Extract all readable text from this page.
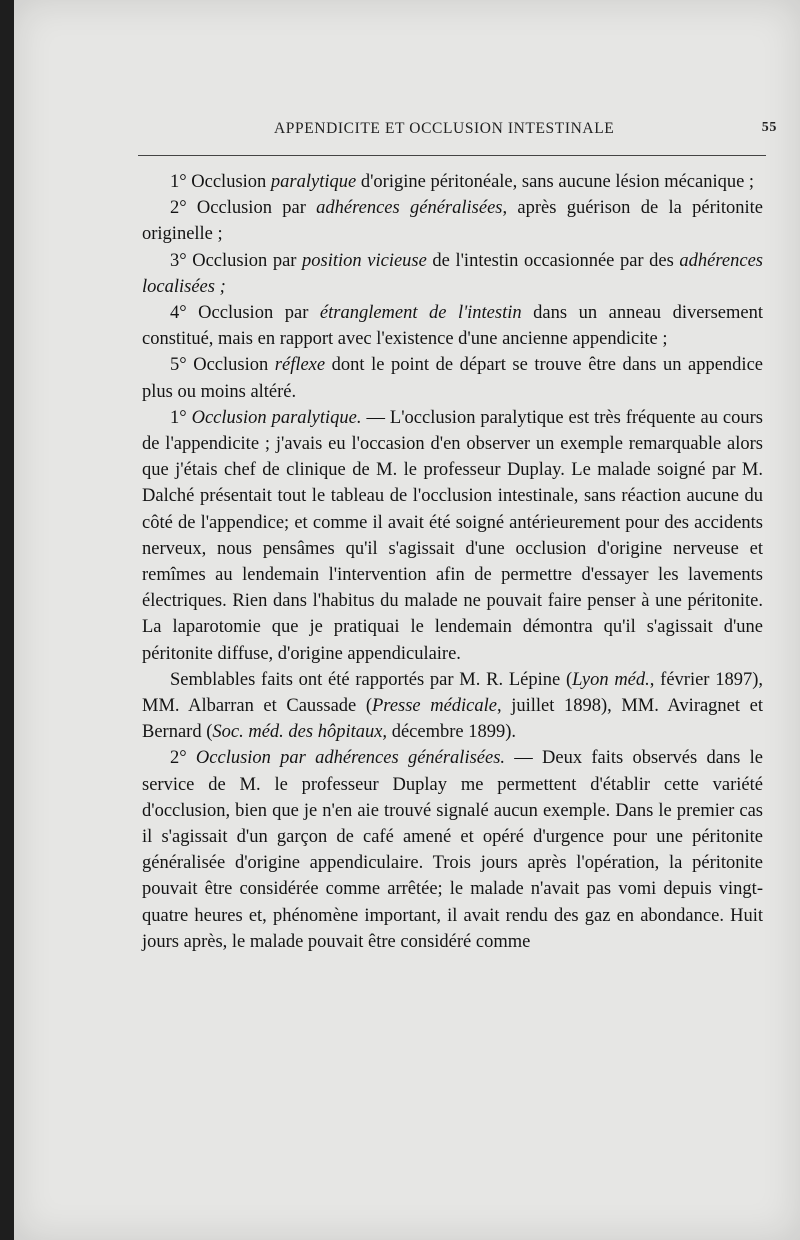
APPENDICITE ET OCCLUSION INTESTINALE	55

1° Occlusion paralytique d'origine péritonéale, sans aucune lésion mécanique ;

2° Occlusion par adhérences généralisées, après guérison de la péritonite originelle ;

3° Occlusion par position vicieuse de l'intestin occasionnée par des adhérences localisées ;

4° Occlusion par étranglement de l'intestin dans un anneau diversement constitué, mais en rapport avec l'existence d'une ancienne appendicite ;

5° Occlusion réflexe dont le point de départ se trouve être dans un appendice plus ou moins altéré.

1° Occlusion paralytique. — L'occlusion paralytique est très fréquente au cours de l'appendicite ; j'avais eu l'occasion d'en observer un exemple remarquable alors que j'étais chef de clinique de M. le professeur Duplay. Le malade soigné par M. Dalché présentait tout le tableau de l'occlusion intestinale, sans réaction aucune du côté de l'appendice; et comme il avait été soigné antérieurement pour des accidents nerveux, nous pensâmes qu'il s'agissait d'une occlusion d'origine nerveuse et remîmes au lendemain l'intervention afin de permettre d'essayer les lavements électriques. Rien dans l'habitus du malade ne pouvait faire penser à une péritonite. La laparotomie que je pratiquai le lendemain démontra qu'il s'agissait d'une péritonite diffuse, d'origine appendiculaire.

Semblables faits ont été rapportés par M. R. Lépine (Lyon méd., février 1897), MM. Albarran et Caussade (Presse médicale, juillet 1898), MM. Aviragnet et Bernard (Soc. méd. des hôpitaux, décembre 1899).

2° Occlusion par adhérences généralisées. — Deux faits observés dans le service de M. le professeur Duplay me permettent d'établir cette variété d'occlusion, bien que je n'en aie trouvé signalé aucun exemple. Dans le premier cas il s'agissait d'un garçon de café amené et opéré d'urgence pour une péritonite généralisée d'origine appendiculaire. Trois jours après l'opération, la péritonite pouvait être considérée comme arrêtée; le malade n'avait pas vomi depuis vingt-quatre heures et, phénomène important, il avait rendu des gaz en abondance. Huit jours après, le malade pouvait être considéré comme
